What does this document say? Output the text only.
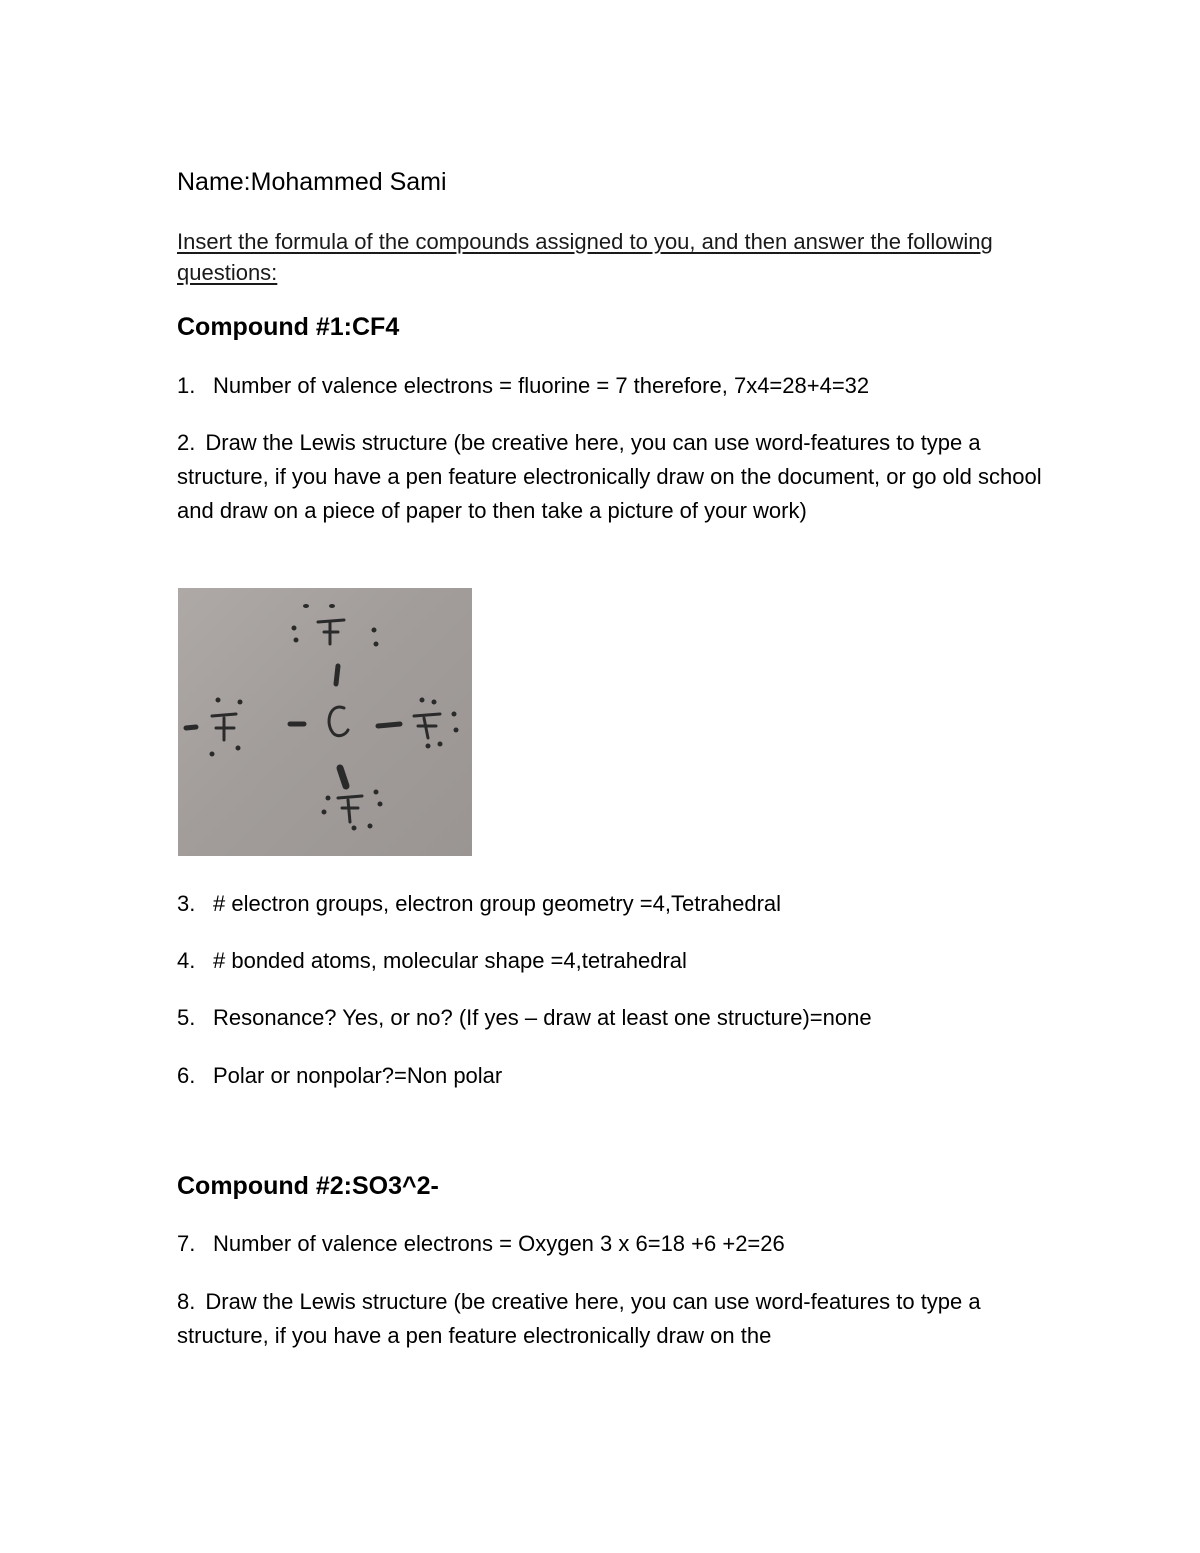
Name:Mohammed Sami

Insert the formula of the compounds assigned to you, and then answer the following questions:

Compound #1:CF4

1. Number of valence electrons = fluorine = 7 therefore, 7x4=28+4=32
2. Draw the Lewis structure (be creative here, you can use word-features to type a structure, if you have a pen feature electronically draw on the document, or go old school and draw on a piece of paper to then take a picture of your work)
3. # electron groups, electron group geometry =4,Tetrahedral
4. # bonded atoms, molecular shape =4,tetrahedral
5. Resonance? Yes, or no? (If yes – draw at least one structure)=none
6. Polar or nonpolar?=Non polar

Compound #2:SO3^2-

7. Number of valence electrons = Oxygen 3 x 6=18 +6 +2=26
8. Draw the Lewis structure (be creative here, you can use word-features to type a structure, if you have a pen feature electronically draw on the
